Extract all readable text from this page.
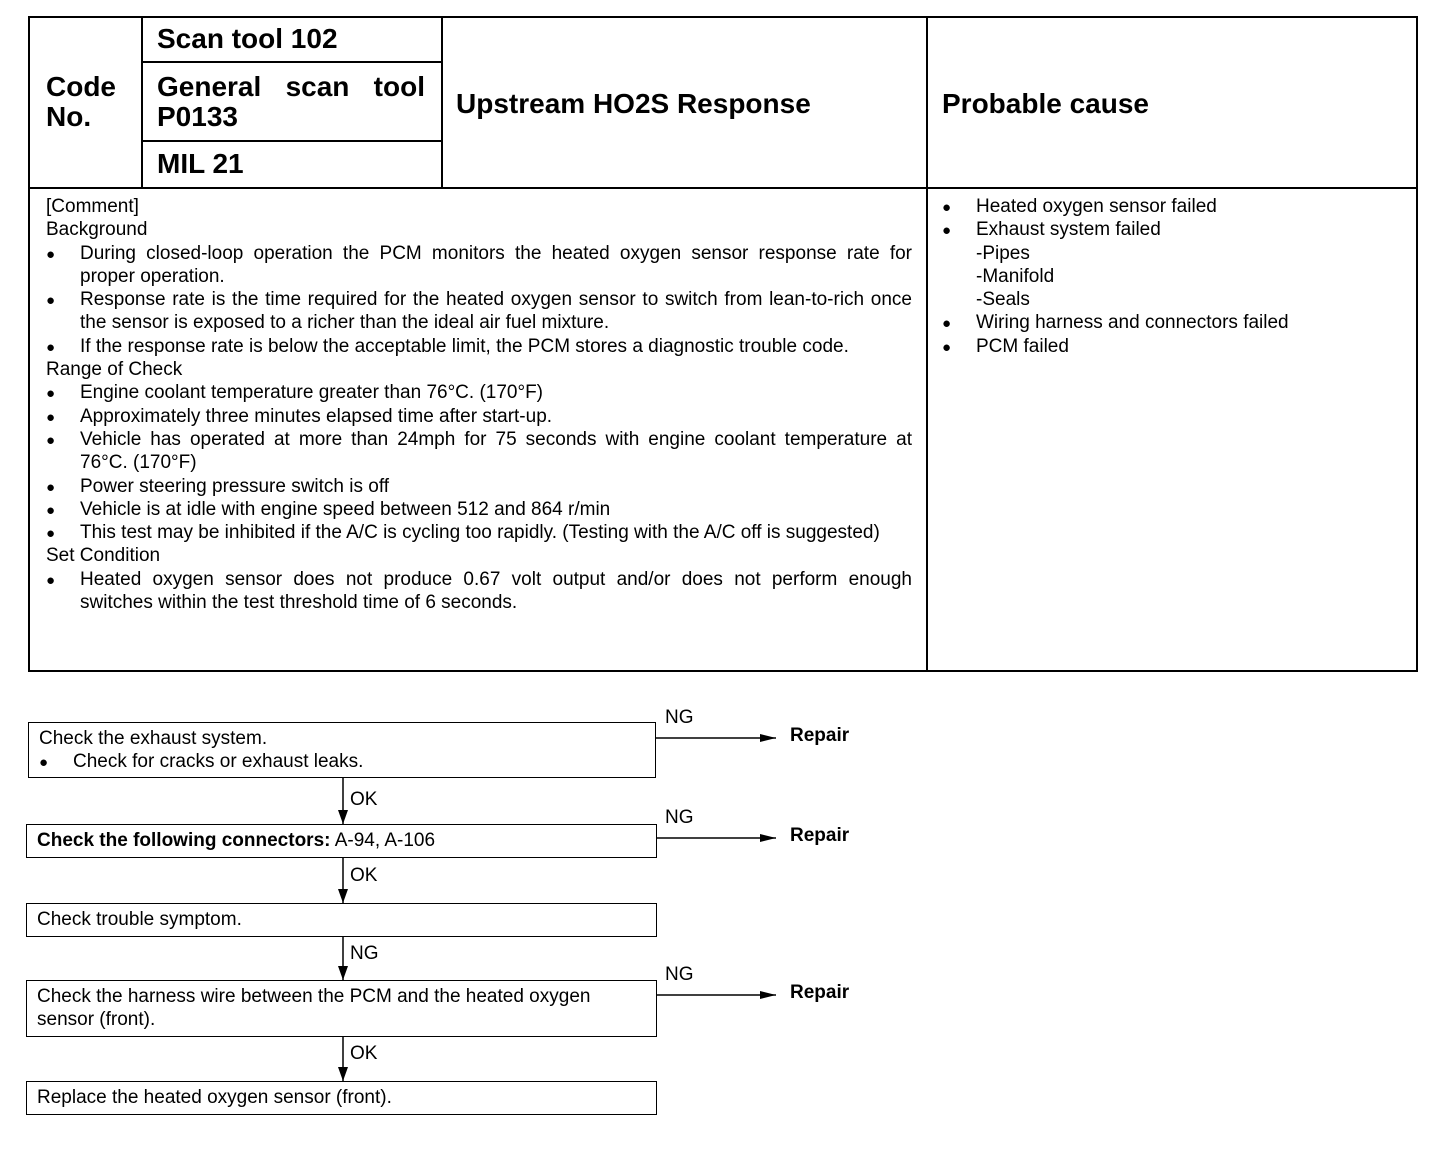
Code No.
Scan tool 102
General scan tool P0133
MIL 21
Upstream HO2S Response	Probable cause
[Comment]
Background
●
During closed-loop operation the PCM monitors the heated oxygen sensor response rate for proper operation.
●
Response rate is the time required for the heated oxygen sensor to switch from lean-to-rich once the sensor is exposed to a richer than the ideal air fuel mixture.
●
If the response rate is below the acceptable limit, the PCM stores a diagnostic trouble code.
Range of Check
●
Engine coolant temperature greater than 76°C. (170°F)
●
Approximately three minutes elapsed time after start-up.
●
Vehicle has operated at more than 24mph for 75 seconds with engine coolant temperature at 76°C. (170°F)
●
Power steering pressure switch is off
●
Vehicle is at idle with engine speed between 512 and 864 r/min
●
This test may be inhibited if the A/C is cycling too rapidly. (Testing with the A/C off is suggested)
Set Condition
●
Heated oxygen sensor does not produce 0.67 volt output and/or does not perform enough switches within the test threshold time of 6 seconds.
●
Heated oxygen sensor failed
●
Exhaust system failed
-Pipes
-Manifold
-Seals
●
Wiring harness and connectors failed
●
PCM failed
Check the exhaust system.
●
Check for cracks or exhaust leaks.
Check the following connectors: A-94, A-106
Check trouble symptom.
Check the harness wire between the PCM and the heated oxygen sensor (front).
Replace the heated oxygen sensor (front).
OK
OK
NG
OK
NG
NG
NG
Repair
Repair
Repair
